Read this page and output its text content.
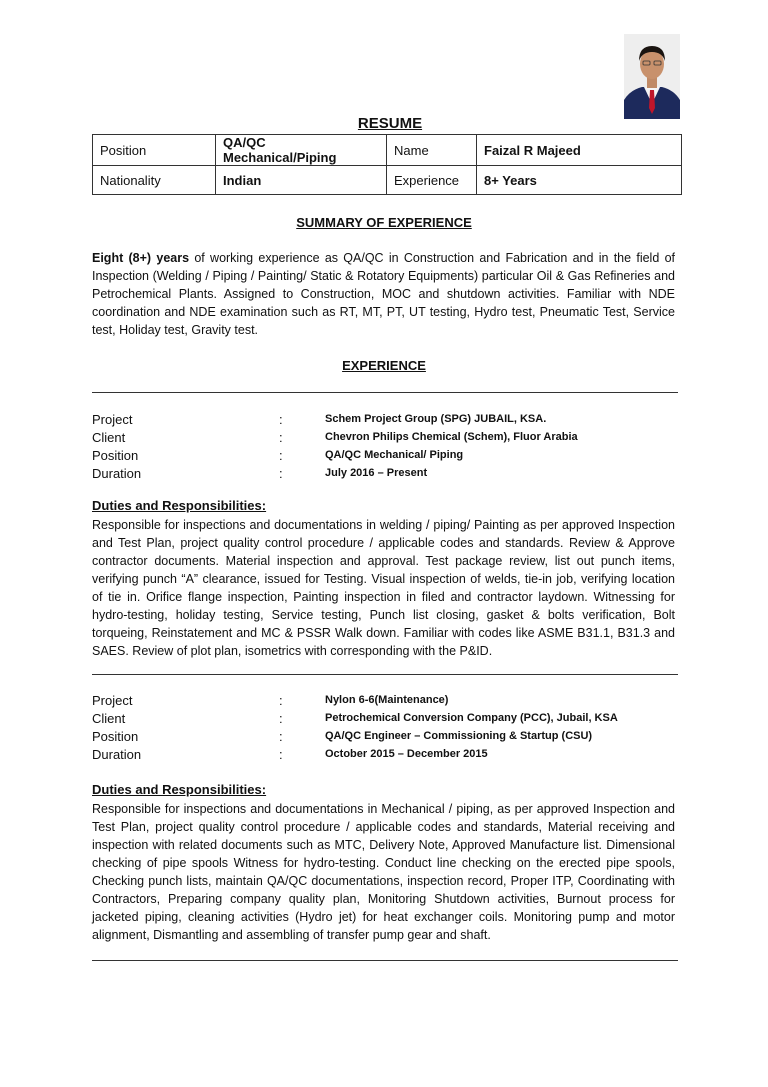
RESUME
Position	QA/QC Mechanical/Piping	Name	Faizal R Majeed
Nationality	Indian	Experience	8+ Years
SUMMARY OF EXPERIENCE

Eight (8+) years of working experience as QA/QC in Construction and Fabrication and in the field of Inspection (Welding / Piping / Painting/ Static & Rotatory Equipments) particular Oil & Gas Refineries and Petrochemical Plants. Assigned to Construction, MOC and shutdown activities. Familiar with NDE coordination and NDE examination such as RT, MT, PT, UT testing, Hydro test, Pneumatic Test, Service test, Holiday test, Gravity test.

EXPERIENCE
Project	:	Schem Project Group (SPG) JUBAIL, KSA.
Client	:	Chevron Philips Chemical (Schem), Fluor Arabia
Position	:	QA/QC Mechanical/ Piping
Duration	:	July 2016 – Present
Duties and Responsibilities:

Responsible for inspections and documentations in welding / piping/ Painting as per approved Inspection and Test Plan, project quality control procedure / applicable codes and standards. Review & Approve contractor documents. Material inspection and approval. Test package review, list out punch items, verifying punch “A” clearance, issued for Testing. Visual inspection of welds, tie-in job, verifying location of tie in. Orifice flange inspection, Painting inspection in filed and contractor laydown. Witnessing for hydro-testing, holiday testing, Service testing, Punch list closing, gasket & bolts verification, Bolt torqueing, Reinstatement and MC & PSSR Walk down. Familiar with codes like ASME B31.1, B31.3 and SAES. Review of plot plan, isometrics with corresponding with the P&ID.

Project	:	Nylon 6-6(Maintenance)
Client	:	Petrochemical Conversion Company (PCC), Jubail, KSA
Position	:	QA/QC Engineer – Commissioning & Startup (CSU)
Duration	:	October 2015 – December 2015
Duties and Responsibilities:

Responsible for inspections and documentations in Mechanical / piping, as per approved Inspection and Test Plan, project quality control procedure / applicable codes and standards, Material receiving and inspection with related documents such as MTC, Delivery Note, Approved Manufacture list. Dimensional checking of pipe spools Witness for hydro-testing. Conduct line checking on the erected pipe spools, Checking punch lists, maintain QA/QC documentations, inspection record, Proper ITP, Coordinating with Contractors, Preparing company quality plan, Monitoring Shutdown activities, Burnout process for jacketed piping, cleaning activities (Hydro jet) for heat exchanger coils. Monitoring pump and motor alignment, Dismantling and assembling of transfer pump gear and shaft.
